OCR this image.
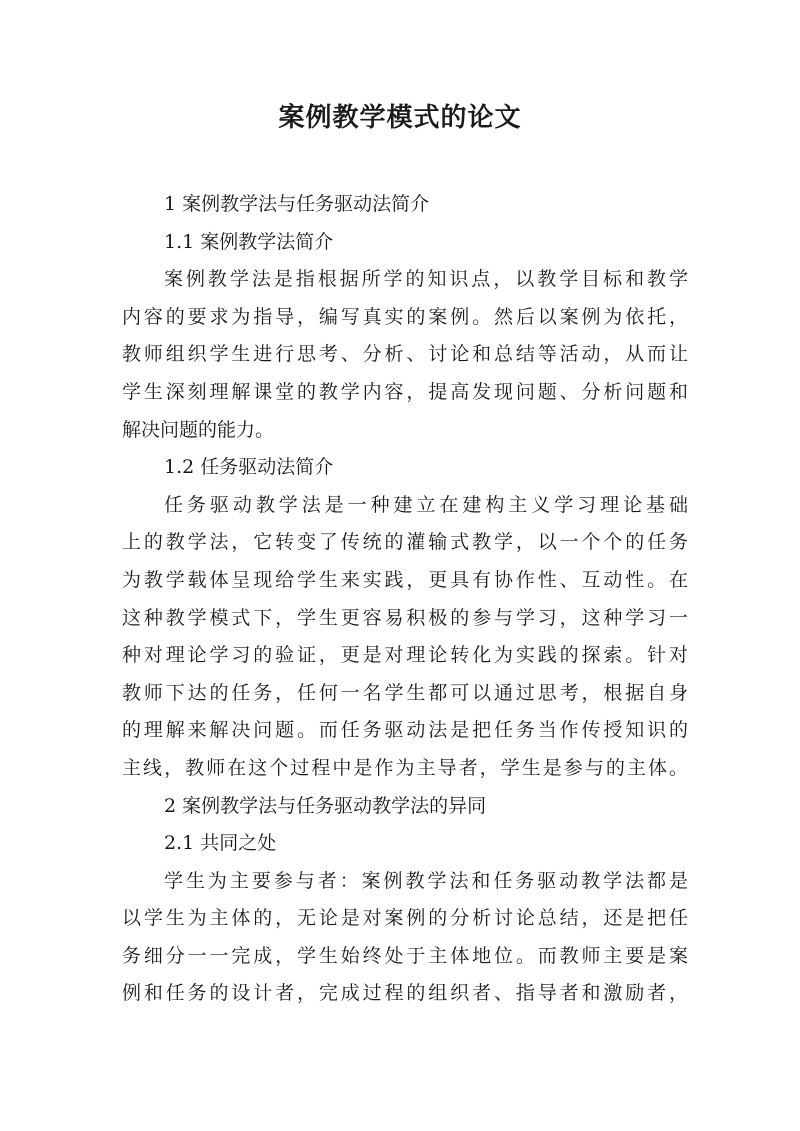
案例教学模式的论文
1 案例教学法与任务驱动法简介
1.1 案例教学法简介
案例教学法是指根据所学的知识点，以教学目标和教学
内容的要求为指导，编写真实的案例。然后以案例为依托，
教师组织学生进行思考、分析、讨论和总结等活动，从而让
学生深刻理解课堂的教学内容，提高发现问题、分析问题和
解决问题的能力。
1.2 任务驱动法简介
任务驱动教学法是一种建立在建构主义学习理论基础
上的教学法，它转变了传统的灌输式教学，以一个个的任务
为教学载体呈现给学生来实践，更具有协作性、互动性。在
这种教学模式下，学生更容易积极的参与学习，这种学习一
种对理论学习的验证，更是对理论转化为实践的探索。针对
教师下达的任务，任何一名学生都可以通过思考，根据自身
的理解来解决问题。而任务驱动法是把任务当作传授知识的
主线，教师在这个过程中是作为主导者，学生是参与的主体。
2 案例教学法与任务驱动教学法的异同
2.1 共同之处
学生为主要参与者：案例教学法和任务驱动教学法都是
以学生为主体的，无论是对案例的分析讨论总结，还是把任
务细分一一完成，学生始终处于主体地位。而教师主要是案
例和任务的设计者，完成过程的组织者、指导者和激励者，
